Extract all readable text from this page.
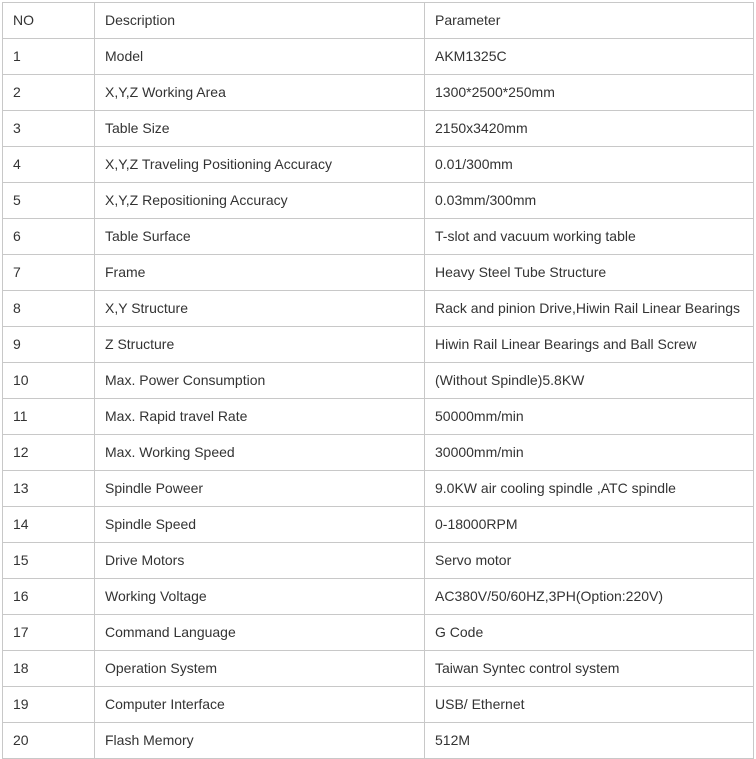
NO	Description	Parameter
1	Model	AKM1325C
2	X,Y,Z Working Area	1300*2500*250mm
3	Table Size	2150x3420mm
4	X,Y,Z Traveling Positioning Accuracy	0.01/300mm
5	X,Y,Z Repositioning Accuracy	0.03mm/300mm
6	Table Surface	T-slot and vacuum working table
7	Frame	Heavy Steel Tube Structure
8	X,Y Structure	Rack and pinion Drive,Hiwin Rail Linear Bearings
9	Z Structure	Hiwin Rail Linear Bearings and Ball Screw
10	Max. Power Consumption	(Without Spindle)5.8KW
11	Max. Rapid travel Rate	50000mm/min
12	Max. Working Speed	30000mm/min
13	Spindle Poweer	9.0KW air cooling spindle ,ATC spindle
14	Spindle Speed	0-18000RPM
15	Drive Motors	Servo motor
16	Working Voltage	AC380V/50/60HZ,3PH(Option:220V)
17	Command Language	G Code
18	Operation System	Taiwan Syntec control system
19	Computer Interface	USB/ Ethernet
20	Flash Memory	512M
